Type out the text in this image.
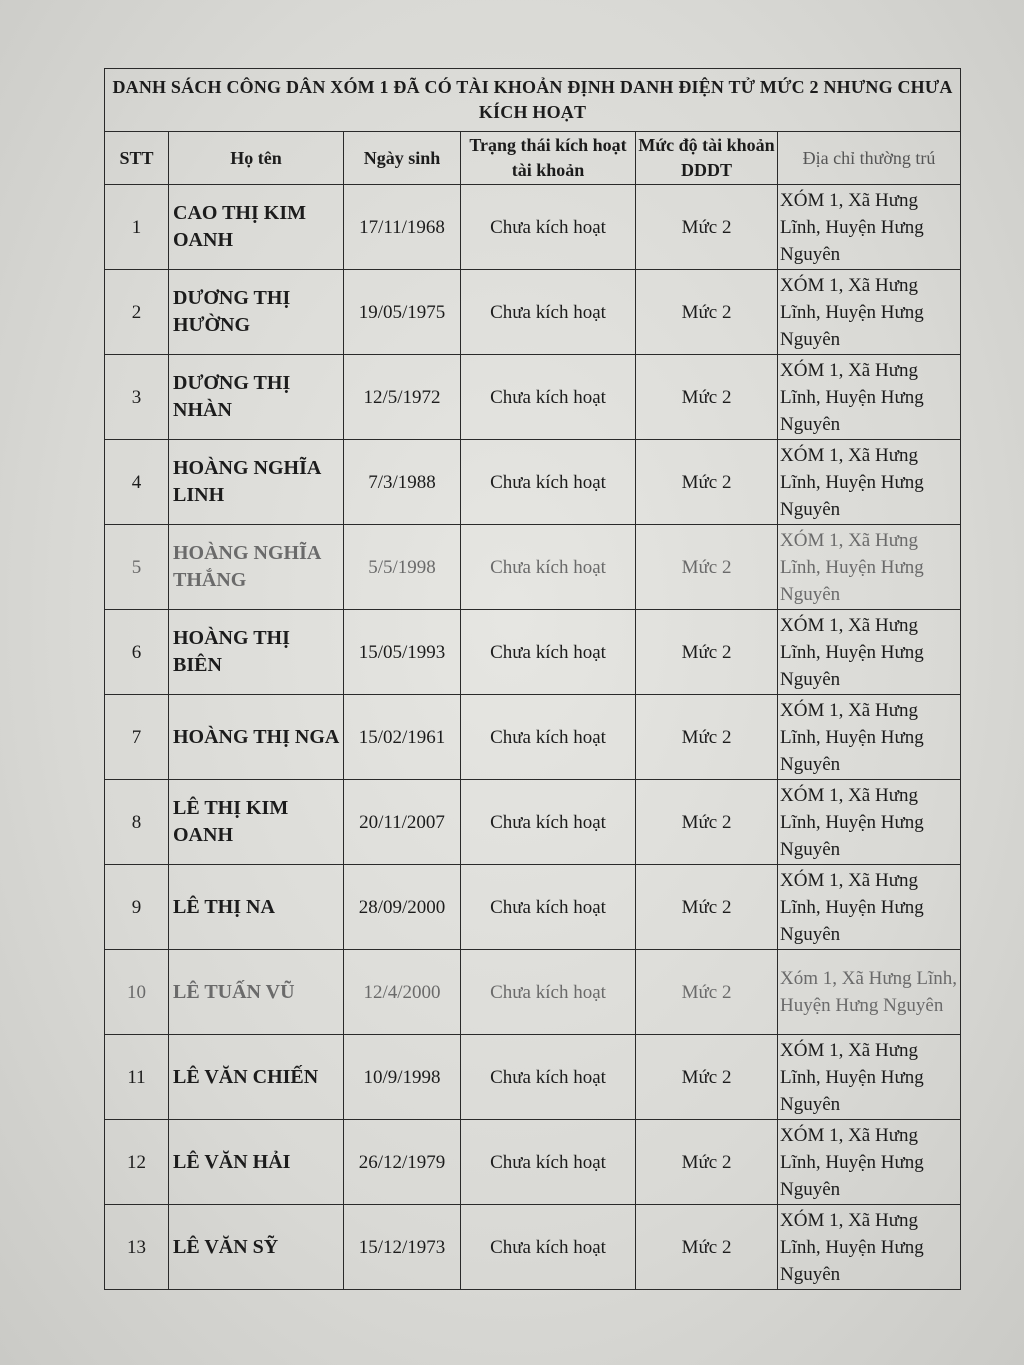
DANH SÁCH CÔNG DÂN XÓM 1 ĐÃ CÓ TÀI KHOẢN ĐỊNH DANH ĐIỆN TỬ MỨC 2 NHƯNG CHƯA KÍCH HOẠT					
STT	Họ tên	Ngày sinh	Trạng thái kích hoạt tài khoản	Mức độ tài khoản DDDT	Địa chỉ thường trú
1	CAO THỊ KIM OANH	17/11/1968	Chưa kích hoạt	Mức 2	XÓM 1, Xã Hưng Lĩnh, Huyện Hưng Nguyên
2	DƯƠNG THỊ HƯỜNG	19/05/1975	Chưa kích hoạt	Mức 2	XÓM 1, Xã Hưng Lĩnh, Huyện Hưng Nguyên
3	DƯƠNG THỊ NHÀN	12/5/1972	Chưa kích hoạt	Mức 2	XÓM 1, Xã Hưng Lĩnh, Huyện Hưng Nguyên
4	HOÀNG NGHĨA LINH	7/3/1988	Chưa kích hoạt	Mức 2	XÓM 1, Xã Hưng Lĩnh, Huyện Hưng Nguyên
5	HOÀNG NGHĨA THẮNG	5/5/1998	Chưa kích hoạt	Mức 2	XÓM 1, Xã Hưng Lĩnh, Huyện Hưng Nguyên
6	HOÀNG THỊ BIÊN	15/05/1993	Chưa kích hoạt	Mức 2	XÓM 1, Xã Hưng Lĩnh, Huyện Hưng Nguyên
7	HOÀNG THỊ NGA	15/02/1961	Chưa kích hoạt	Mức 2	XÓM 1, Xã Hưng Lĩnh, Huyện Hưng Nguyên
8	LÊ THỊ KIM OANH	20/11/2007	Chưa kích hoạt	Mức 2	XÓM 1, Xã Hưng Lĩnh, Huyện Hưng Nguyên
9	LÊ THỊ NA	28/09/2000	Chưa kích hoạt	Mức 2	XÓM 1, Xã Hưng Lĩnh, Huyện Hưng Nguyên
10	LÊ TUẤN VŨ	12/4/2000	Chưa kích hoạt	Mức 2	Xóm 1, Xã Hưng Lĩnh, Huyện Hưng Nguyên
11	LÊ VĂN CHIẾN	10/9/1998	Chưa kích hoạt	Mức 2	XÓM 1, Xã Hưng Lĩnh, Huyện Hưng Nguyên
12	LÊ VĂN HẢI	26/12/1979	Chưa kích hoạt	Mức 2	XÓM 1, Xã Hưng Lĩnh, Huyện Hưng Nguyên
13	LÊ VĂN SỸ	15/12/1973	Chưa kích hoạt	Mức 2	XÓM 1, Xã Hưng Lĩnh, Huyện Hưng Nguyên
